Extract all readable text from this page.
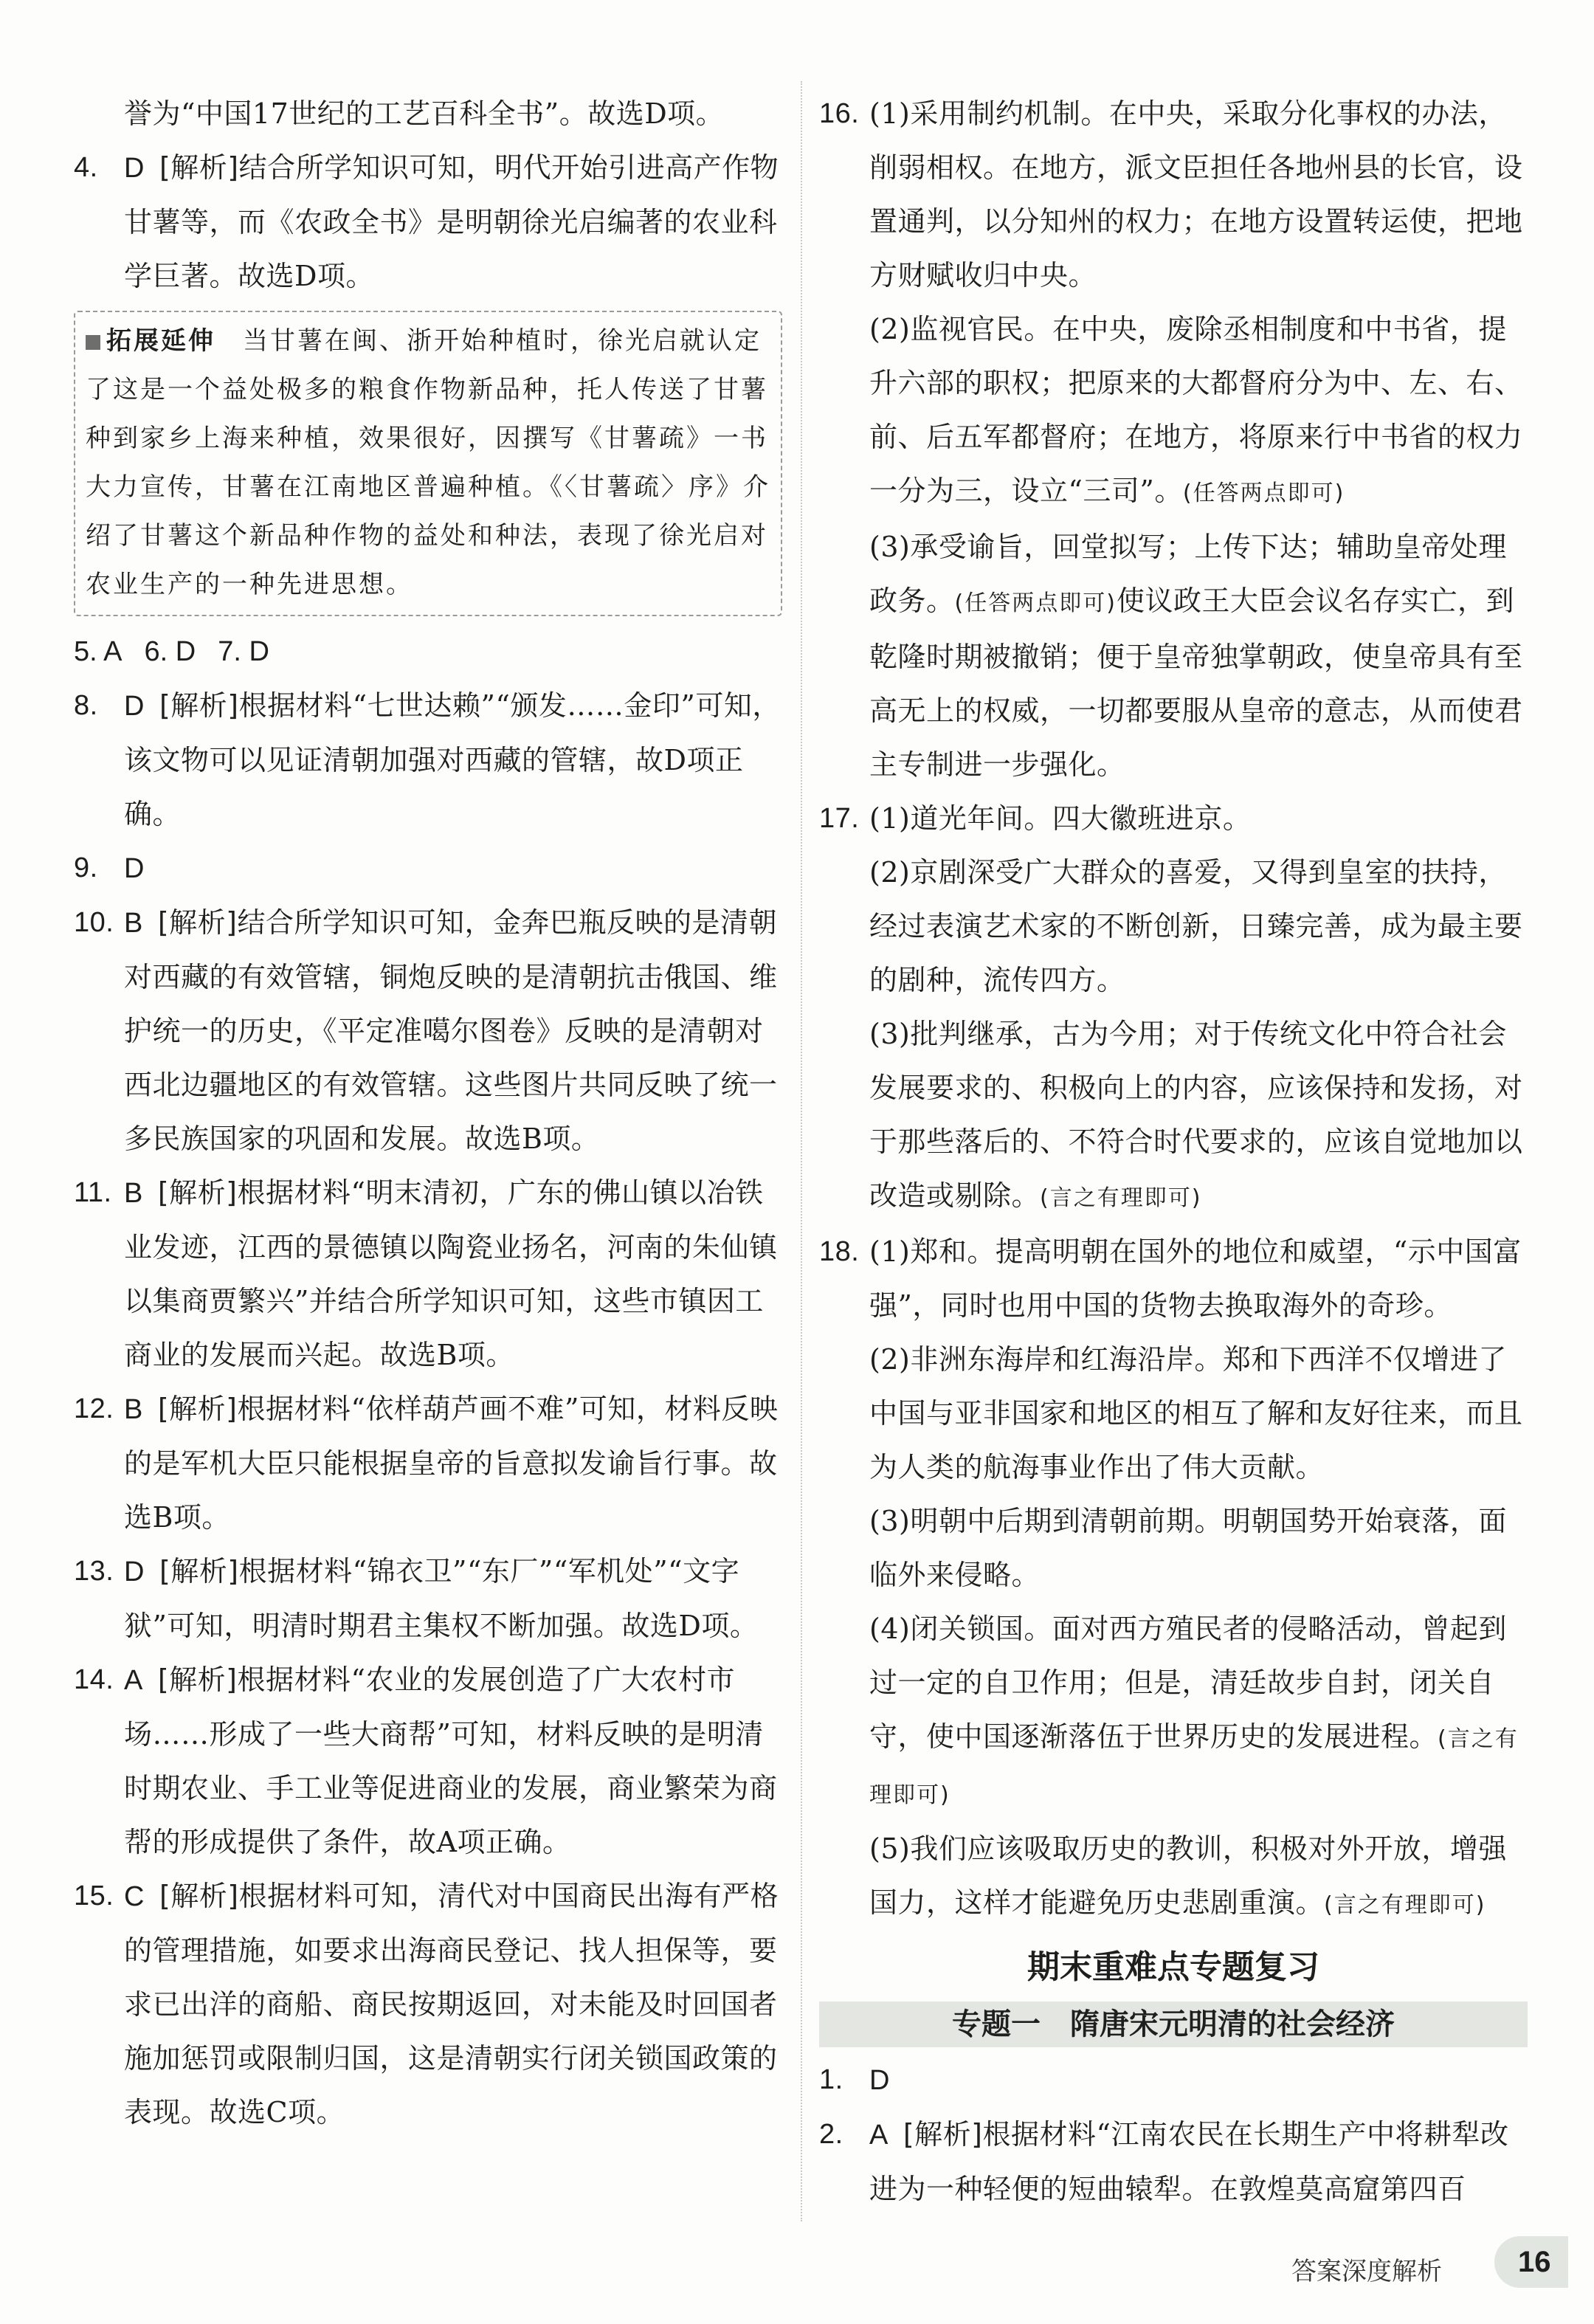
誉为“中国17世纪的工艺百科全书”。故选D项。

4. D [解析]结合所学知识可知，明代开始引进高产作物甘薯等，而《农政全书》是明朝徐光启编著的农业科学巨著。故选D项。
拓展延伸　 当甘薯在闽、浙开始种植时，徐光启就认定了这是一个益处极多的粮食作物新品种，托人传送了甘薯种到家乡上海来种植，效果很好，因撰写《甘薯疏》一书大力宣传，甘薯在江南地区普遍种植。《〈甘薯疏〉序》介绍了甘薯这个新品种作物的益处和种法，表现了徐光启对农业生产的一种先进思想。

5. A 6. D 7. D

8. D [解析]根据材料“七世达赖”“颁发……金印”可知，该文物可以见证清朝加强对西藏的管辖，故D项正确。
9. D
10. B [解析]结合所学知识可知，金奔巴瓶反映的是清朝对西藏的有效管辖，铜炮反映的是清朝抗击俄国、维护统一的历史，《平定准噶尔图卷》反映的是清朝对西北边疆地区的有效管辖。这些图片共同反映了统一多民族国家的巩固和发展。故选B项。
11. B [解析]根据材料“明末清初，广东的佛山镇以冶铁业发迹，江西的景德镇以陶瓷业扬名，河南的朱仙镇以集商贾繁兴”并结合所学知识可知，这些市镇因工商业的发展而兴起。故选B项。
12. B [解析]根据材料“依样葫芦画不难”可知，材料反映的是军机大臣只能根据皇帝的旨意拟发谕旨行事。故选B项。
13. D [解析]根据材料“锦衣卫”“东厂”“军机处”“文字狱”可知，明清时期君主集权不断加强。故选D项。
14. A [解析]根据材料“农业的发展创造了广大农村市场……形成了一些大商帮”可知，材料反映的是明清时期农业、手工业等促进商业的发展，商业繁荣为商帮的形成提供了条件，故A项正确。
15. C [解析]根据材料可知，清代对中国商民出海有严格的管理措施，如要求出海商民登记、找人担保等，要求已出洋的商船、商民按期返回，对未能及时回国者施加惩罚或限制归国，这是清朝实行闭关锁国政策的表现。故选C项。
16. (1)采用制约机制。在中央，采取分化事权的办法，削弱相权。在地方，派文臣担任各地州县的长官，设置通判，以分知州的权力；在地方设置转运使，把地方财赋收归中央。

(2)监视官民。在中央，废除丞相制度和中书省，提升六部的职权；把原来的大都督府分为中、左、右、前、后五军都督府；在地方，将原来行中书省的权力一分为三，设立“三司”。(任答两点即可)

(3)承受谕旨，回堂拟写；上传下达；辅助皇帝处理政务。(任答两点即可)使议政王大臣会议名存实亡，到乾隆时期被撤销；便于皇帝独掌朝政，使皇帝具有至高无上的权威，一切都要服从皇帝的意志，从而使君主专制进一步强化。

17. (1)道光年间。四大徽班进京。

(2)京剧深受广大群众的喜爱，又得到皇室的扶持，经过表演艺术家的不断创新，日臻完善，成为最主要的剧种，流传四方。

(3)批判继承，古为今用；对于传统文化中符合社会发展要求的、积极向上的内容，应该保持和发扬，对于那些落后的、不符合时代要求的，应该自觉地加以改造或剔除。(言之有理即可)

18. (1)郑和。提高明朝在国外的地位和威望，“示中国富强”，同时也用中国的货物去换取海外的奇珍。

(2)非洲东海岸和红海沿岸。郑和下西洋不仅增进了中国与亚非国家和地区的相互了解和友好往来，而且为人类的航海事业作出了伟大贡献。

(3)明朝中后期到清朝前期。明朝国势开始衰落，面临外来侵略。

(4)闭关锁国。面对西方殖民者的侵略活动，曾起到过一定的自卫作用；但是，清廷故步自封，闭关自守，使中国逐渐落伍于世界历史的发展进程。(言之有理即可)

(5)我们应该吸取历史的教训，积极对外开放，增强国力，这样才能避免历史悲剧重演。(言之有理即可)

期末重难点专题复习
专题一　隋唐宋元明清的社会经济
1. D
2. A [解析]根据材料“江南农民在长期生产中将耕犁改进为一种轻便的短曲辕犁。在敦煌莫高窟第四百
答案深度解析	16
